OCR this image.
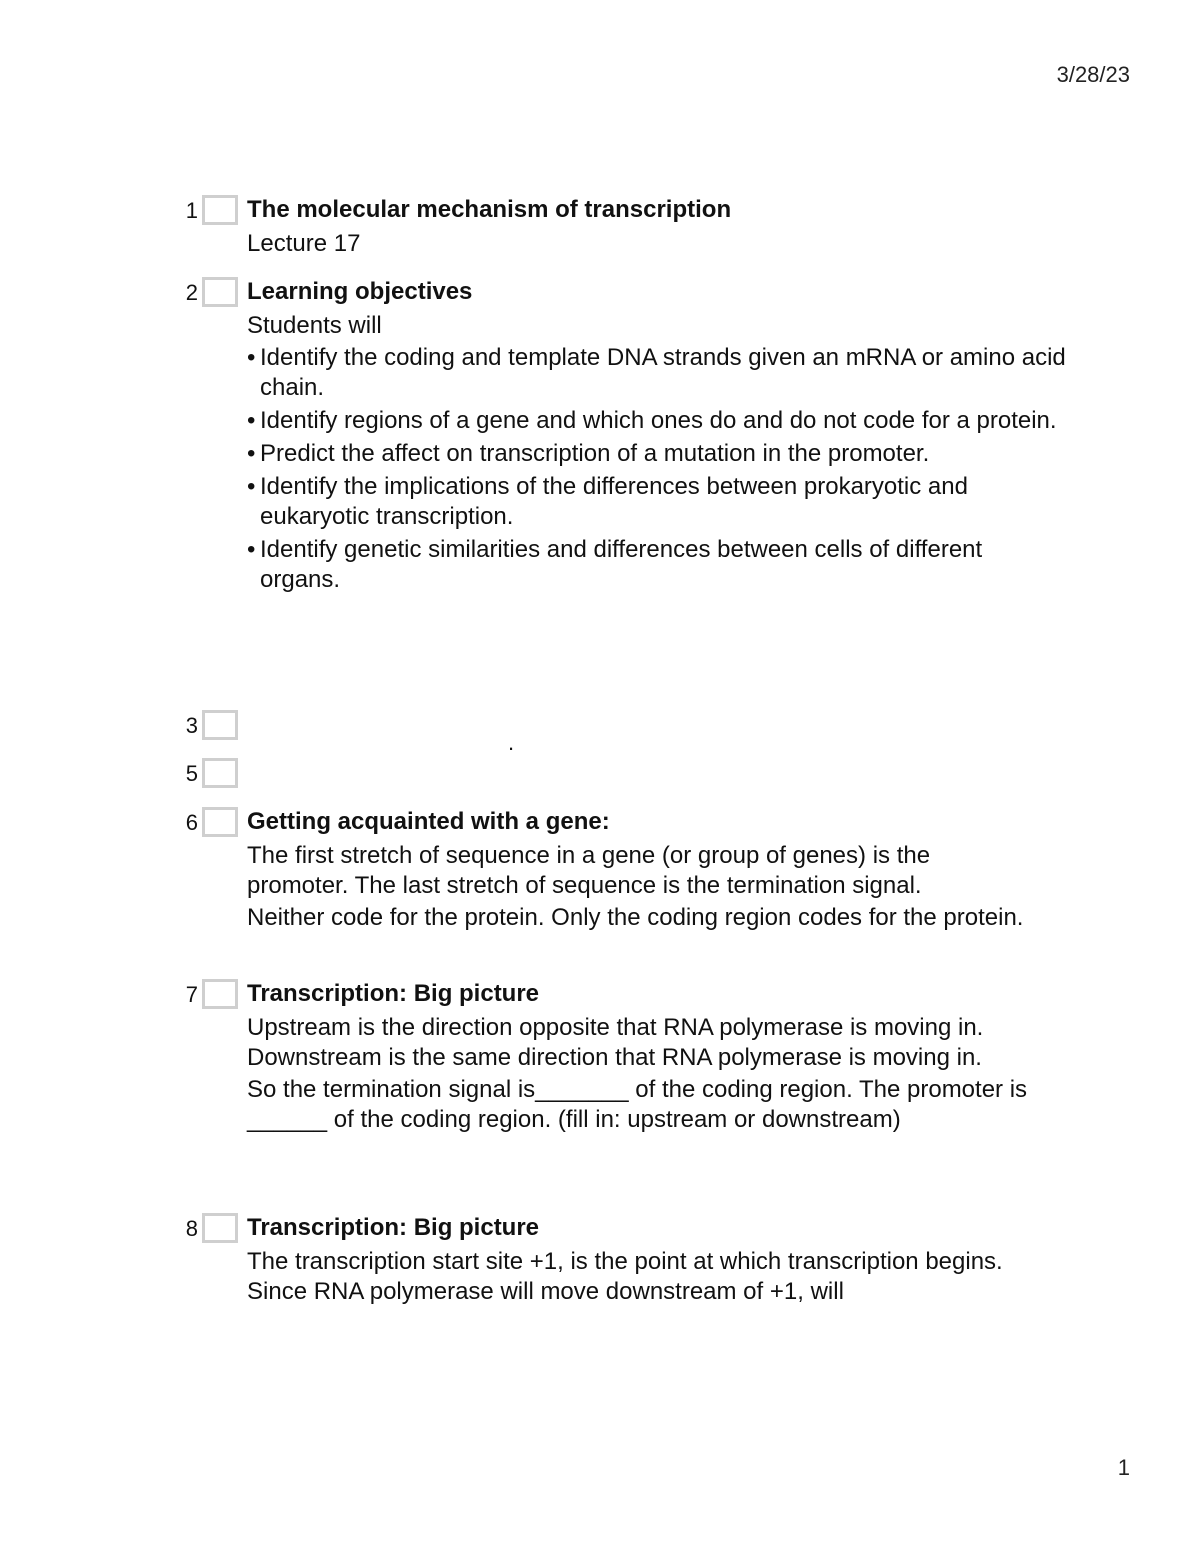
3/28/23
1 The molecular mechanism of transcription

Lecture 17

2 Learning objectives

Students will

• Identify the coding and template DNA strands given an mRNA or amino acid chain.
• Identify regions of a gene and which ones do and do not code for a protein.
• Predict the affect on transcription of a mutation in the promoter.
• Identify the implications of the differences between prokaryotic and eukaryotic transcription.
• Identify genetic similarities and differences between cells of different organs.
3
.
5
6 Getting acquainted with a gene:

The first stretch of sequence in a gene (or group of genes) is the promoter. The last stretch of sequence is the termination signal.

Neither code for the protein. Only the coding region codes for the protein.

7 Transcription: Big picture

Upstream is the direction opposite that RNA polymerase is moving in. Downstream is the same direction that RNA polymerase is moving in.

So the termination signal is_______ of the coding region. The promoter is ______ of the coding region. (fill in: upstream or downstream)

8 Transcription: Big picture

The transcription start site +1, is the point at which transcription begins. Since RNA polymerase will move downstream of +1, will

1
